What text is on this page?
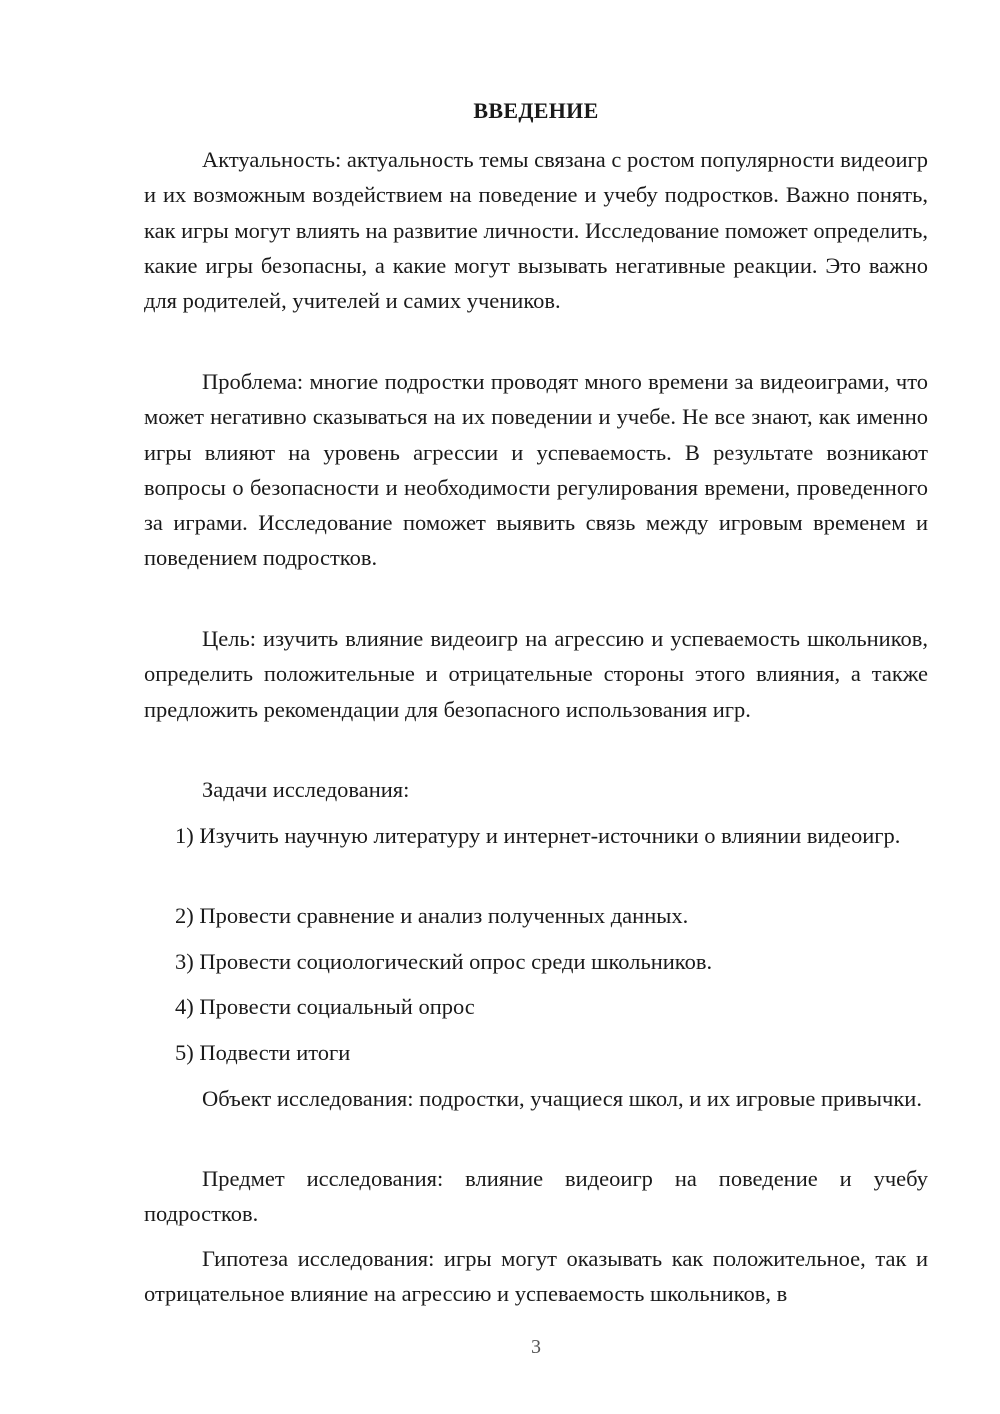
ВВЕДЕНИЕ

Актуальность: актуальность темы связана с ростом популярности видеоигр и их возможным воздействием на поведение и учебу подростков. Важно понять, как игры могут влиять на развитие личности. Исследование поможет определить, какие игры безопасны, а какие могут вызывать негативные реакции. Это важно для родителей, учителей и самих учеников.

Проблема: многие подростки проводят много времени за видеоиграми, что может негативно сказываться на их поведении и учебе. Не все знают, как именно игры влияют на уровень агрессии и успеваемость. В результате возникают вопросы о безопасности и необходимости регулирования времени, проведенного за играми. Исследование поможет выявить связь между игровым временем и поведением подростков.

Цель: изучить влияние видеоигр на агрессию и успеваемость школьников, определить положительные и отрицательные стороны этого влияния, а также предложить рекомендации для безопасного использования игр.

Задачи исследования:

1) Изучить научную литературу и интернет-источники о влиянии видеоигр.

2) Провести сравнение и анализ полученных данных.

3) Провести социологический опрос среди школьников.

4) Провести социальный опрос

5) Подвести итоги

Объект исследования: подростки, учащиеся школ, и их игровые привычки.

Предмет исследования: влияние видеоигр на поведение и учебу подростков.

Гипотеза исследования: игры могут оказывать как положительное, так и отрицательное влияние на агрессию и успеваемость школьников, в

3
